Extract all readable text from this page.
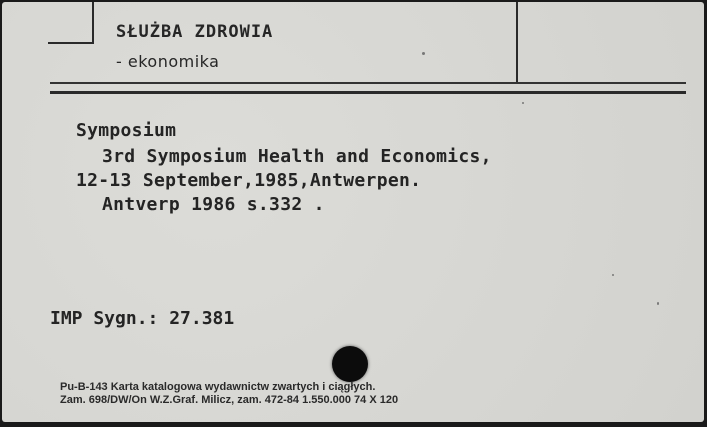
SŁUŻBA ZDROWIA
- ekonomika
Symposium
3rd Symposium Health and Economics,
12-13 September,1985,Antwerpen.
Antverp 1986 s.332 .
IMP Sygn.: 27.381
Pu-B-143 Karta katalogowa wydawnictw zwartych i ciągłych.
Zam. 698/DW/On W.Z.Graf. Milicz, zam. 472-84 1.550.000 74 X 120
